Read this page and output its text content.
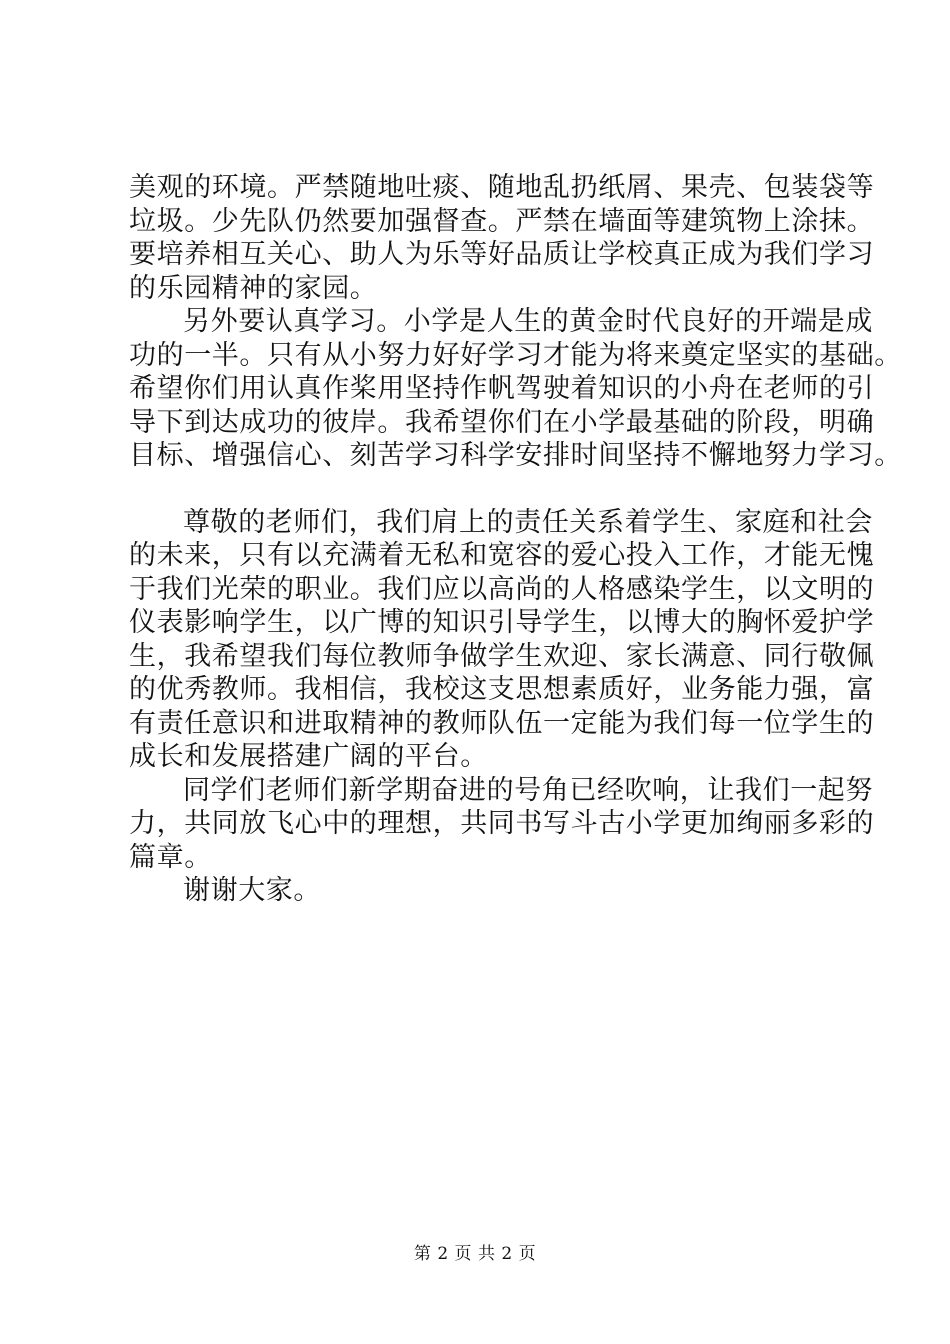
美观的环境。严禁随地吐痰、随地乱扔纸屑、果壳、包装袋等
垃圾。少先队仍然要加强督查。严禁在墙面等建筑物上涂抹。
要培养相互关心、助人为乐等好品质让学校真正成为我们学习
的乐园精神的家园。
另外要认真学习。小学是人生的黄金时代良好的开端是成
功的一半。只有从小努力好好学习才能为将来奠定坚实的基础。
希望你们用认真作桨用坚持作帆驾驶着知识的小舟在老师的引
导下到达成功的彼岸。我希望你们在小学最基础的阶段，明确
目标、增强信心、刻苦学习科学安排时间坚持不懈地努力学习。
尊敬的老师们，我们肩上的责任关系着学生、家庭和社会
的未来，只有以充满着无私和宽容的爱心投入工作，才能无愧
于我们光荣的职业。我们应以高尚的人格感染学生，以文明的
仪表影响学生，以广博的知识引导学生，以博大的胸怀爱护学
生，我希望我们每位教师争做学生欢迎、家长满意、同行敬佩
的优秀教师。我相信，我校这支思想素质好，业务能力强，富
有责任意识和进取精神的教师队伍一定能为我们每一位学生的
成长和发展搭建广阔的平台。
同学们老师们新学期奋进的号角已经吹响，让我们一起努
力，共同放飞心中的理想，共同书写斗古小学更加绚丽多彩的
篇章。
谢谢大家。
第 2 页 共 2 页
